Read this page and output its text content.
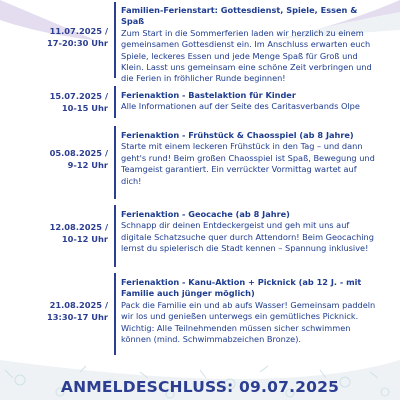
11.07.2025 /
17-20:30 Uhr
Familien-Ferienstart: Gottesdienst, Spiele, Essen & Spaß
Zum Start in die Sommerferien laden wir herzlich zu einem gemeinsamen Gottesdienst ein. Im Anschluss erwarten euch Spiele, leckeres Essen und jede Menge Spaß für Groß und Klein. Lasst uns gemeinsam eine schöne Zeit verbringen und die Ferien in fröhlicher Runde beginnen!
15.07.2025 /
10-15 Uhr
Ferienaktion - Bastelaktion für Kinder
Alle Informationen auf der Seite des Caritasverbands Olpe
05.08.2025 /
9-12 Uhr
Ferienaktion - Frühstück & Chaosspiel (ab 8 Jahre)
Starte mit einem leckeren Frühstück in den Tag – und dann geht's rund! Beim großen Chaosspiel ist Spaß, Bewegung und Teamgeist garantiert. Ein verrückter Vormittag wartet auf dich!
12.08.2025 /
10-12 Uhr
Ferienaktion - Geocache (ab 8 Jahre)
Schnapp dir deinen Entdeckergeist und geh mit uns auf digitale Schatzsuche quer durch Attendorn! Beim Geocaching lernst du spielerisch die Stadt kennen – Spannung inklusive!
21.08.2025 /
13:30-17 Uhr
Ferienaktion - Kanu-Aktion + Picknick (ab 12 J. - mit Familie auch jünger möglich)
Pack die Familie ein und ab aufs Wasser! Gemeinsam paddeln wir los und genießen unterwegs ein gemütliches Picknick. Wichtig: Alle Teilnehmenden müssen sicher schwimmen können (mind. Schwimmabzeichen Bronze).
ANMELDESCHLUSS: 09.07.2025
